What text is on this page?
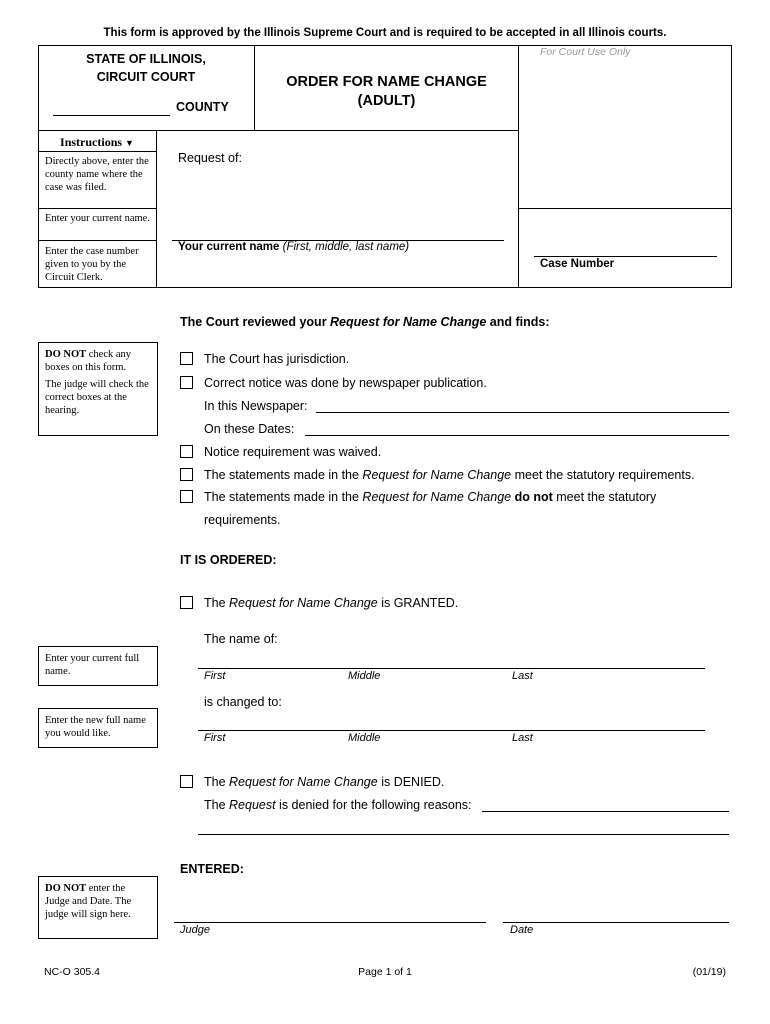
This form is approved by the Illinois Supreme Court and is required to be accepted in all Illinois courts.
STATE OF ILLINOIS,
CIRCUIT COURT
COUNTY
ORDER FOR NAME CHANGE
(ADULT)
For Court Use Only
Instructions ▼
Directly above, enter the county name where the case was filed.
Enter your current name.
Enter the case number given to you by the Circuit Clerk.
Request of:
Your current name (First, middle, last name)
Case Number
The Court reviewed your Request for Name Change and finds:
DO NOT check any boxes on this form.
The judge will check the correct boxes at the hearing.
The Court has jurisdiction.
Correct notice was done by newspaper publication.
In this Newspaper:
On these Dates:
Notice requirement was waived.
The statements made in the Request for Name Change meet the statutory requirements.
The statements made in the Request for Name Change do not meet the statutory
requirements.
IT IS ORDERED:
The Request for Name Change is GRANTED.
The name of:
Enter your current full name.	First	Middle	Last
is changed to:
Enter the new full name you would like.	First	Middle	Last
The Request for Name Change is DENIED.
The Request is denied for the following reasons:
ENTERED:
DO NOT enter the Judge and Date. The judge will sign here.
Judge	Date
NC-O 305.4	Page 1 of 1	(01/19)
